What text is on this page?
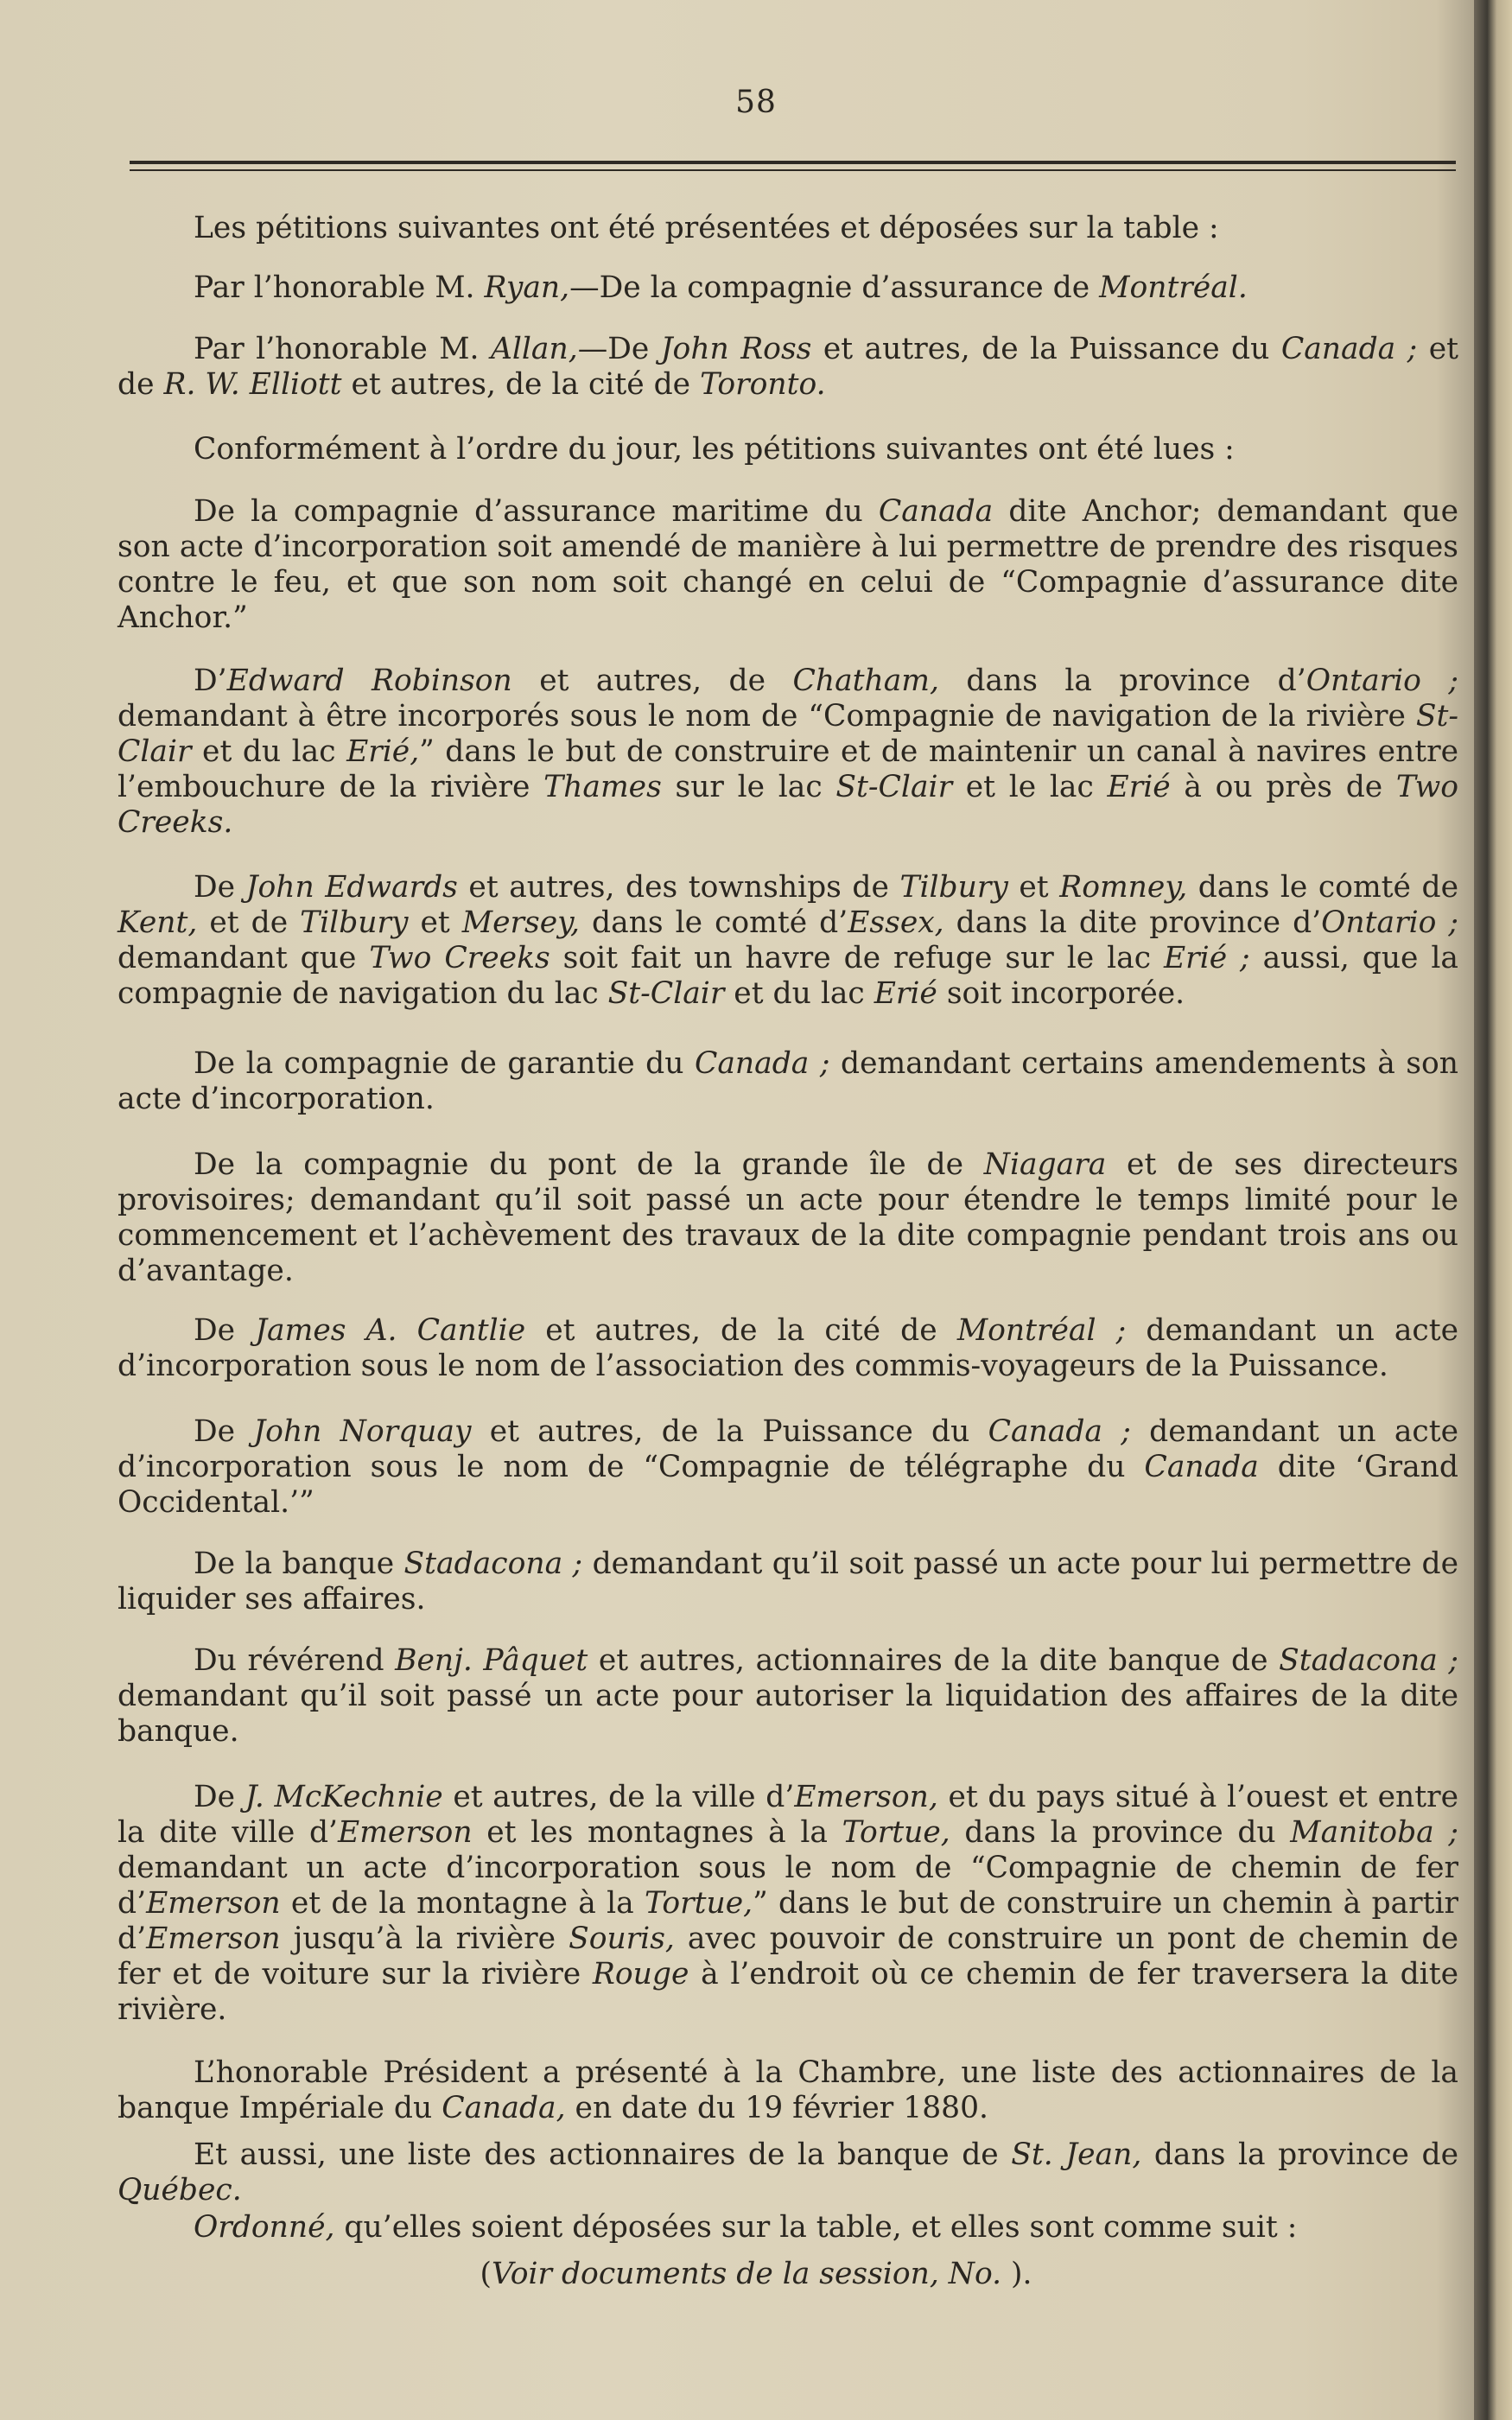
58

Les pétitions suivantes ont été présentées et déposées sur la table :

Par l’honorable M. Ryan,—De la compagnie d’assurance de Montréal.

Par l’honorable M. Allan,—De John Ross et autres, de la Puissance du Canada ; et de R. W. Elliott et autres, de la cité de Toronto.

Conformément à l’ordre du jour, les pétitions suivantes ont été lues :

De la compagnie d’assurance maritime du Canada dite Anchor; demandant que son acte d’incorporation soit amendé de manière à lui permettre de prendre des risques contre le feu, et que son nom soit changé en celui de “Compagnie d’assurance dite Anchor.”

D’Edward Robinson et autres, de Chatham, dans la province d’Ontario ; demandant à être incorporés sous le nom de “Compagnie de navigation de la rivière St-Clair et du lac Erié,” dans le but de construire et de maintenir un canal à navires entre l’embouchure de la rivière Thames sur le lac St-Clair et le lac Erié à ou près de Two Creeks.

De John Edwards et autres, des townships de Tilbury et Romney, dans le comté de Kent, et de Tilbury et Mersey, dans le comté d’Essex, dans la dite province d’Ontario ; demandant que Two Creeks soit fait un havre de refuge sur le lac Erié ; aussi, que la compagnie de navigation du lac St-Clair et du lac Erié soit incorporée.

De la compagnie de garantie du Canada ; demandant certains amendements à son acte d’incorporation.

De la compagnie du pont de la grande île de Niagara et de ses directeurs provisoires; demandant qu’il soit passé un acte pour étendre le temps limité pour le commencement et l’achèvement des travaux de la dite compagnie pendant trois ans ou d’avantage.

De James A. Cantlie et autres, de la cité de Montréal ; demandant un acte d’incorporation sous le nom de l’association des commis-voyageurs de la Puissance.

De John Norquay et autres, de la Puissance du Canada ; demandant un acte d’incorporation sous le nom de “Compagnie de télégraphe du Canada dite ‘Grand Occidental.’”

De la banque Stadacona ; demandant qu’il soit passé un acte pour lui permettre de liquider ses affaires.

Du révérend Benj. Pâquet et autres, actionnaires de la dite banque de Stadacona ; demandant qu’il soit passé un acte pour autoriser la liquidation des affaires de la dite banque.

De J. McKechnie et autres, de la ville d’Emerson, et du pays situé à l’ouest et entre la dite ville d’Emerson et les montagnes à la Tortue, dans la province du Manitoba ; demandant un acte d’incorporation sous le nom de “Compagnie de chemin de fer d’Emerson et de la montagne à la Tortue,” dans le but de construire un chemin à partir d’Emerson jusqu’à la rivière Souris, avec pouvoir de construire un pont de chemin de fer et de voiture sur la rivière Rouge à l’endroit où ce chemin de fer traversera la dite rivière.

L’honorable Président a présenté à la Chambre, une liste des actionnaires de la banque Impériale du Canada, en date du 19 février 1880.

Et aussi, une liste des actionnaires de la banque de St. Jean, dans la province de Québec.

Ordonné, qu’elles soient déposées sur la table, et elles sont comme suit :

(Voir documents de la session, No. ).
